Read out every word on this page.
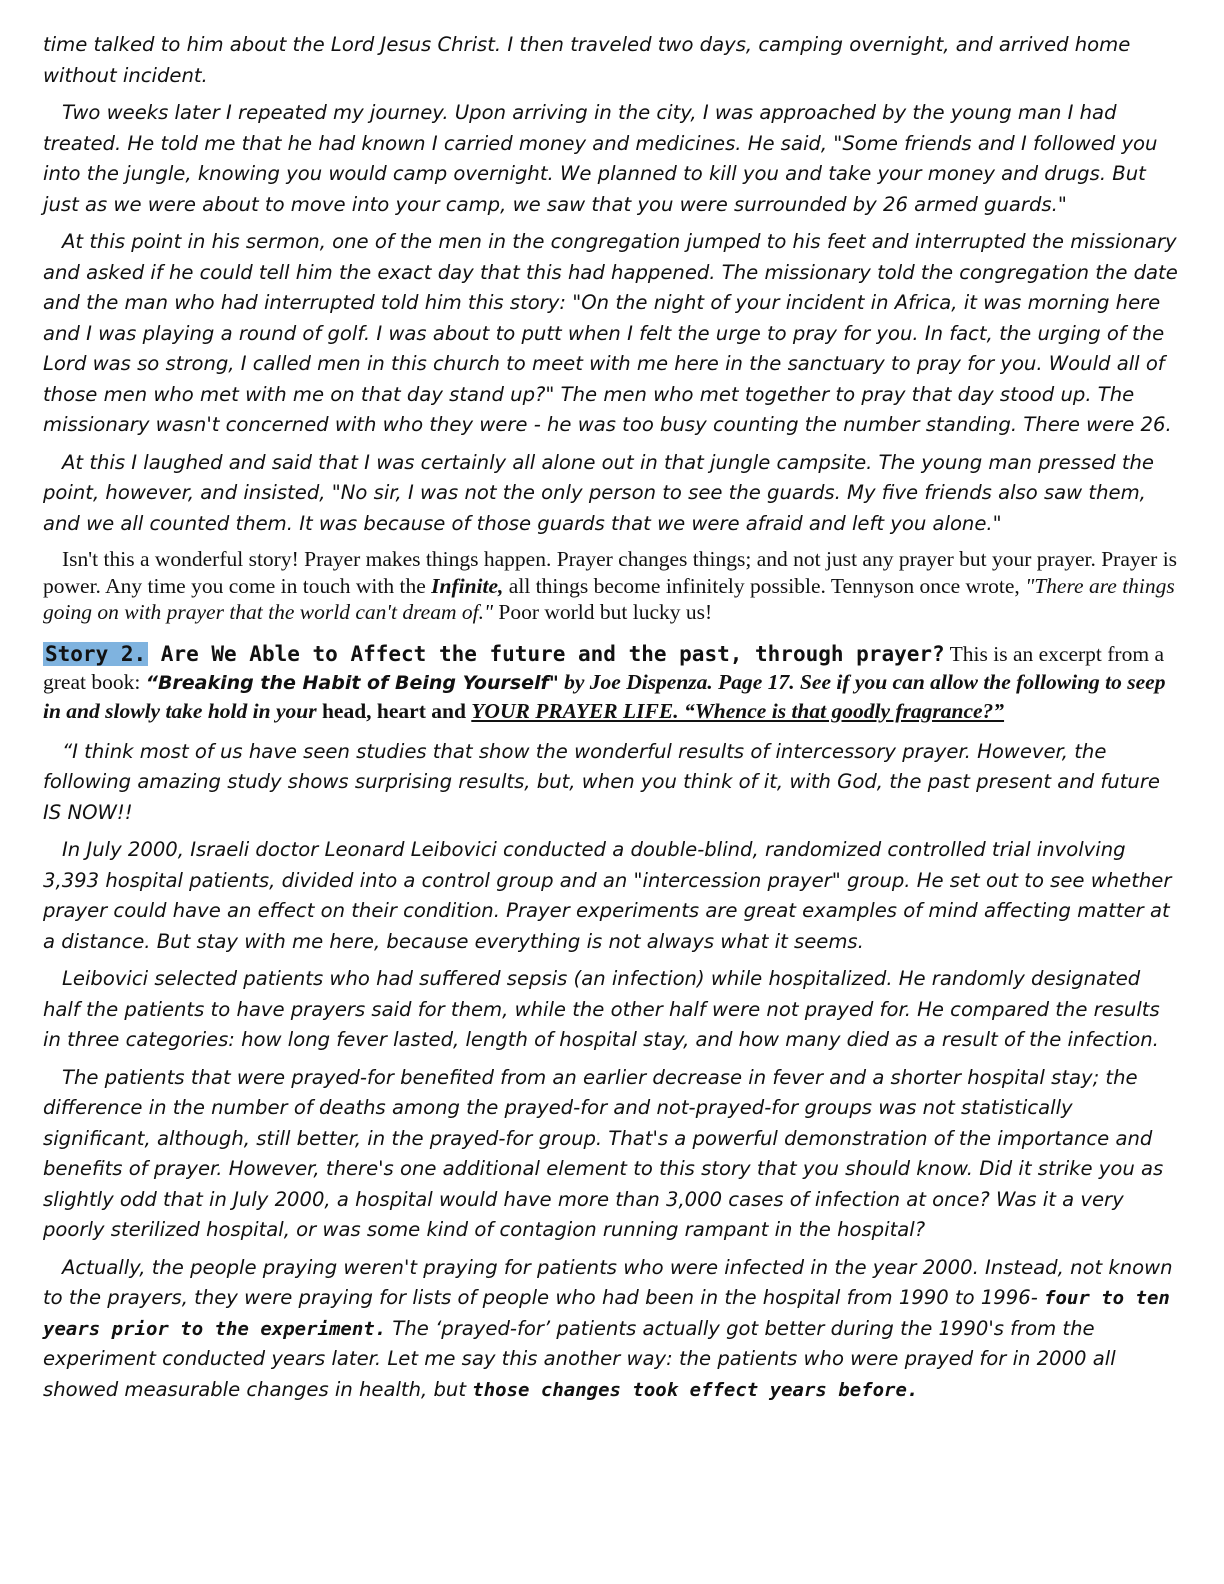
time talked to him about the Lord Jesus Christ. I then traveled two days, camping overnight, and arrived home without incident.

Two weeks later I repeated my journey. Upon arriving in the city, I was approached by the young man I had treated. He told me that he had known I carried money and medicines. He said, "Some friends and I followed you into the jungle, knowing you would camp overnight. We planned to kill you and take your money and drugs. But just as we were about to move into your camp, we saw that you were surrounded by 26 armed guards."

At this point in his sermon, one of the men in the congregation jumped to his feet and interrupted the missionary and asked if he could tell him the exact day that this had happened. The missionary told the congregation the date and the man who had interrupted told him this story: "On the night of your incident in Africa, it was morning here and I was playing a round of golf. I was about to putt when I felt the urge to pray for you. In fact, the urging of the Lord was so strong, I called men in this church to meet with me here in the sanctuary to pray for you. Would all of those men who met with me on that day stand up?" The men who met together to pray that day stood up. The missionary wasn't concerned with who they were - he was too busy counting the number standing. There were 26.

At this I laughed and said that I was certainly all alone out in that jungle campsite. The young man pressed the point, however, and insisted, "No sir, I was not the only person to see the guards. My five friends also saw them, and we all counted them. It was because of those guards that we were afraid and left you alone."

Isn't this a wonderful story! Prayer makes things happen. Prayer changes things; and not just any prayer but your prayer. Prayer is power. Any time you come in touch with the Infinite, all things become infinitely possible. Tennyson once wrote, "There are things going on with prayer that the world can't dream of." Poor world but lucky us!

Story 2. Are We Able to Affect the future and the past, through prayer? This is an excerpt from a great book: “Breaking the Habit of Being Yourself" by Joe Dispenza. Page 17. See if you can allow the following to seep in and slowly take hold in your head, heart and YOUR PRAYER LIFE. “Whence is that goodly fragrance?”

“I think most of us have seen studies that show the wonderful results of intercessory prayer. However, the following amazing study shows surprising results, but, when you think of it, with God, the past present and future IS NOW!!

In July 2000, Israeli doctor Leonard Leibovici conducted a double-blind, randomized controlled trial involving 3,393 hospital patients, divided into a control group and an "intercession prayer" group. He set out to see whether prayer could have an effect on their condition. Prayer experiments are great examples of mind affecting matter at a distance. But stay with me here, because everything is not always what it seems.

Leibovici selected patients who had suffered sepsis (an infection) while hospitalized. He randomly designated half the patients to have prayers said for them, while the other half were not prayed for. He compared the results in three categories: how long fever lasted, length of hospital stay, and how many died as a result of the infection.

The patients that were prayed-for benefited from an earlier decrease in fever and a shorter hospital stay; the difference in the number of deaths among the prayed-for and not-prayed-for groups was not statistically significant, although, still better, in the prayed-for group. That's a powerful demonstration of the importance and benefits of prayer. However, there's one additional element to this story that you should know. Did it strike you as slightly odd that in July 2000, a hospital would have more than 3,000 cases of infection at once? Was it a very poorly sterilized hospital, or was some kind of contagion running rampant in the hospital?

Actually, the people praying weren't praying for patients who were infected in the year 2000. Instead, not known to the prayers, they were praying for lists of people who had been in the hospital from 1990 to 1996- four to ten years prior to the experiment. The ‘prayed-for’ patients actually got better during the 1990's from the experiment conducted years later. Let me say this another way: the patients who were prayed for in 2000 all showed measurable changes in health, but those changes took effect years before.
